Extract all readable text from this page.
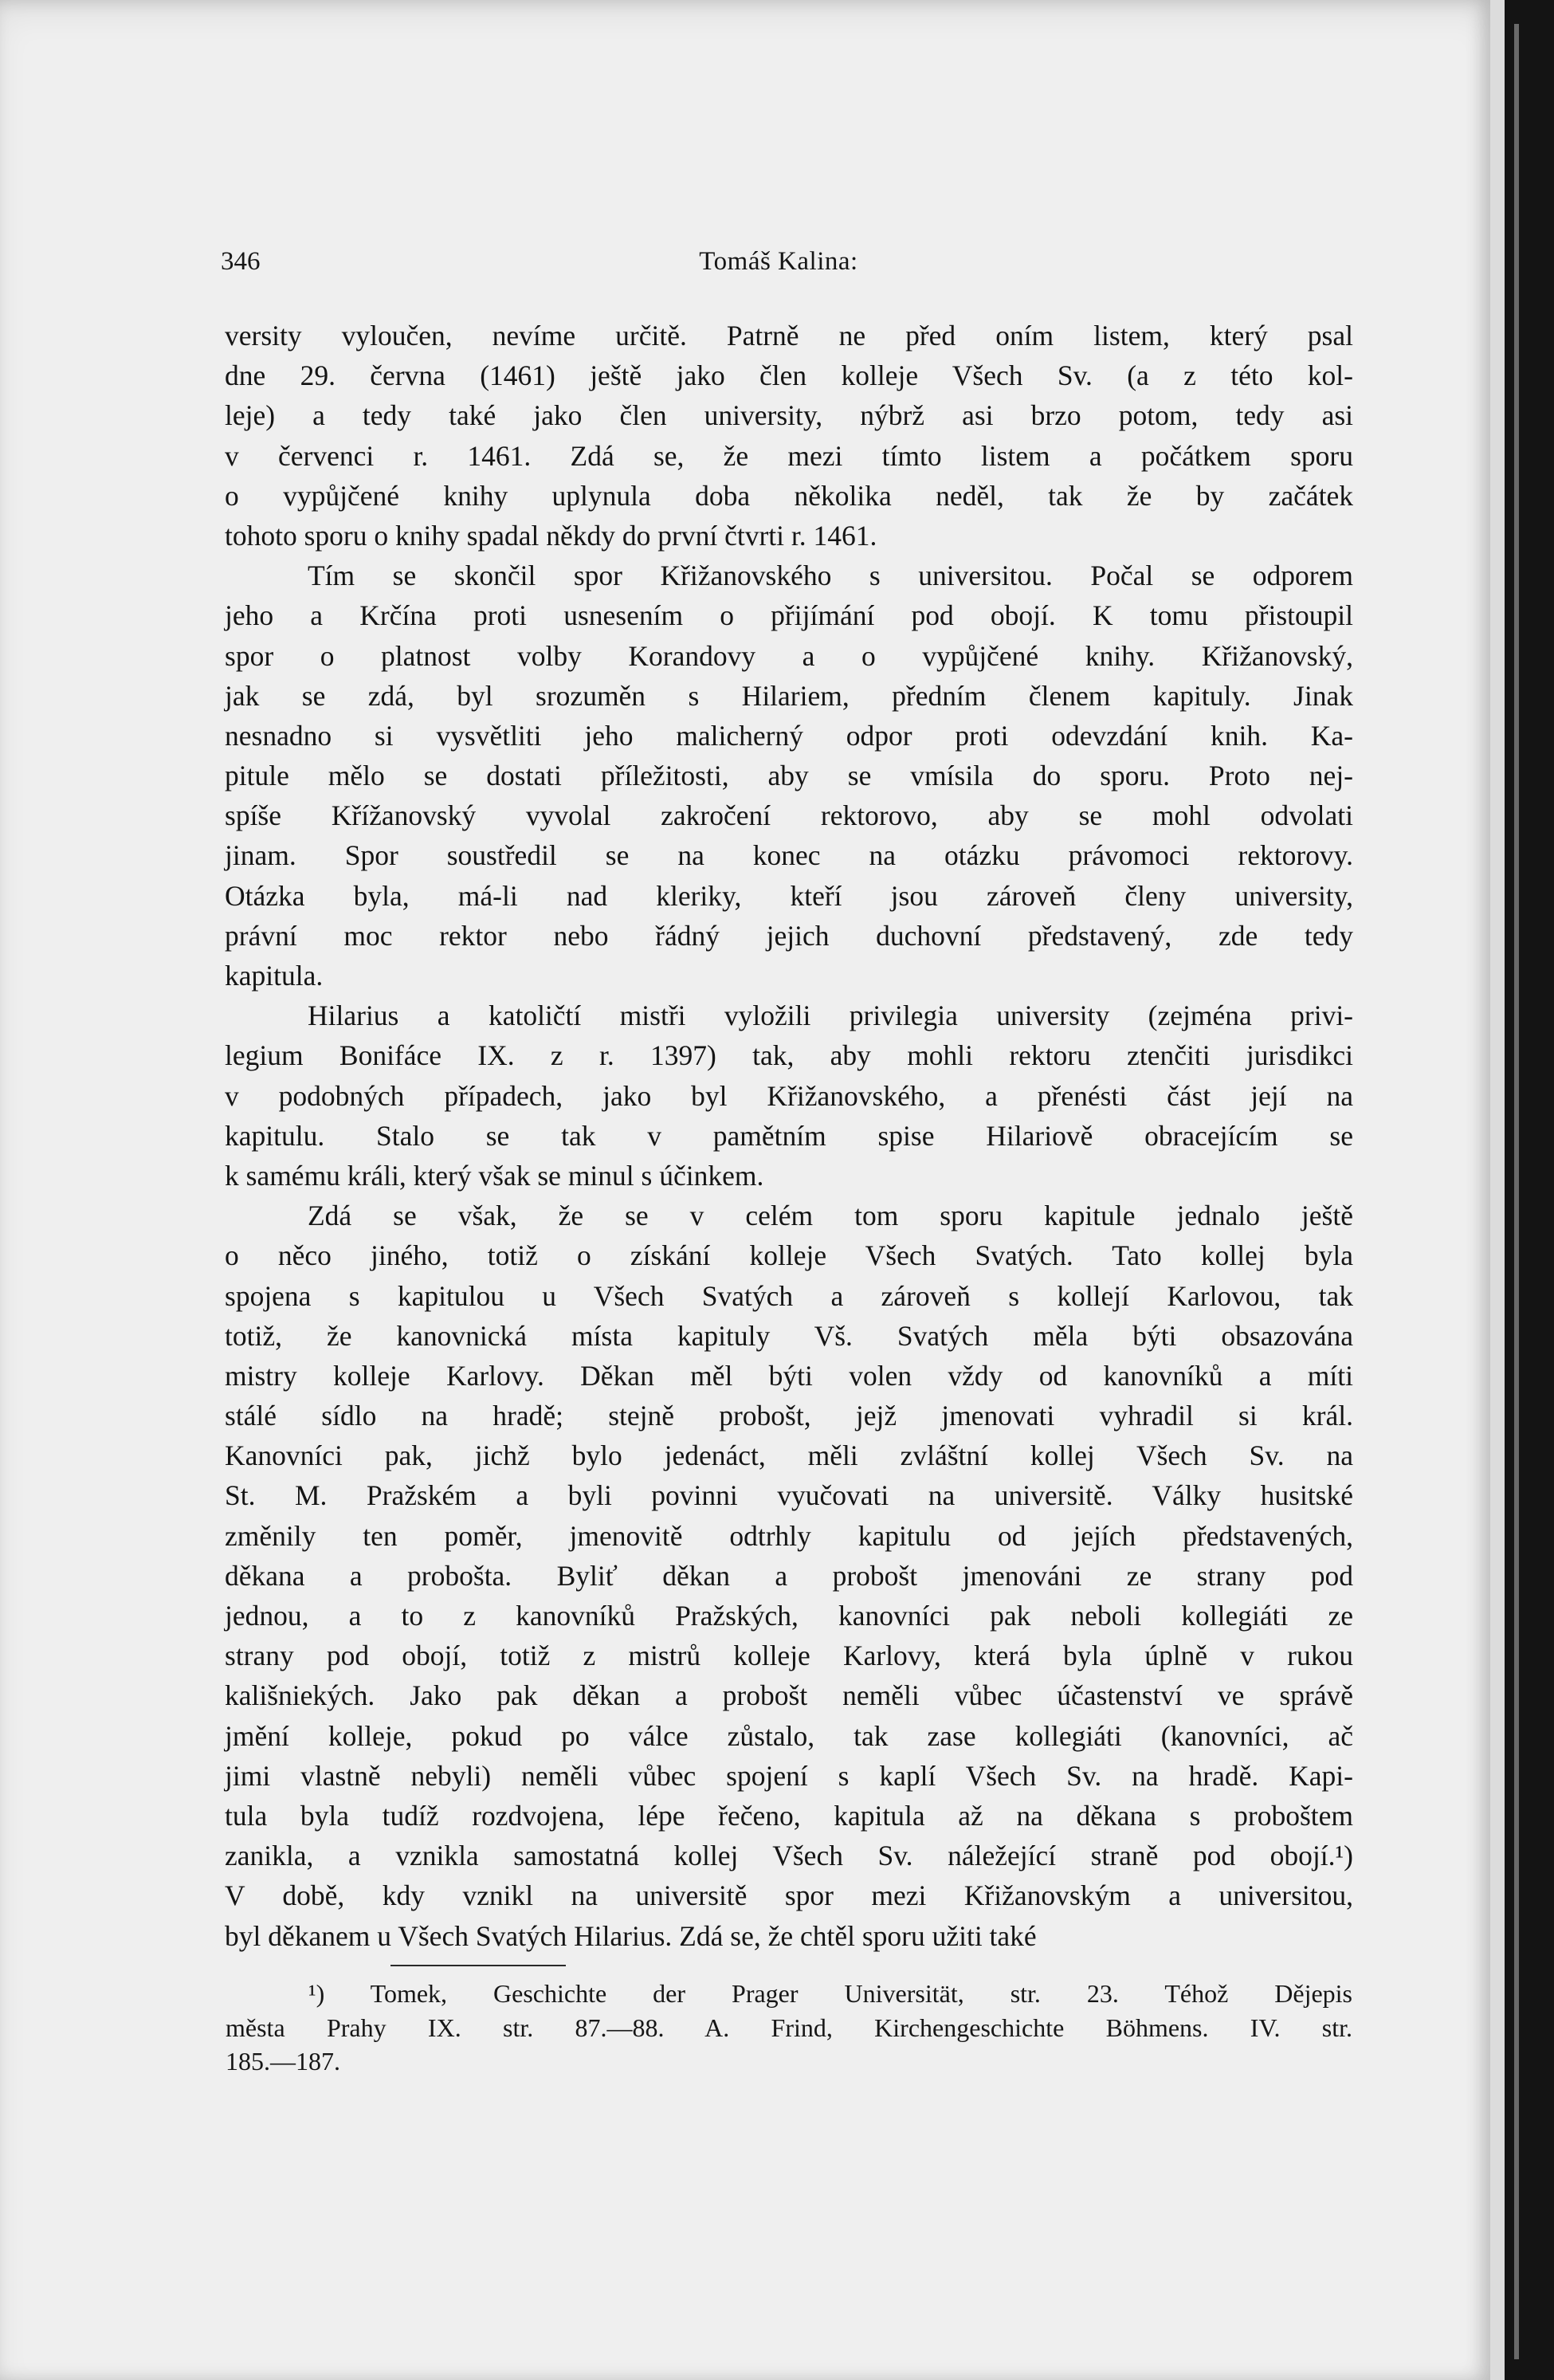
346	Tomáš Kalina:
versity vyloučen, nevíme určitě. Patrně ne před oním listem, který psal
dne 29. června (1461) ještě jako člen kolleje Všech Sv. (a z této kol-
leje) a tedy také jako člen university, nýbrž asi brzo potom, tedy asi
v červenci r. 1461. Zdá se, že mezi tímto listem a počátkem sporu
o vypůjčené knihy uplynula doba několika neděl, tak že by začátek
tohoto sporu o knihy spadal někdy do první čtvrti r. 1461.
Tím se skončil spor Křižanovského s universitou. Počal se odporem
jeho a Krčína proti usnesením o přijímání pod obojí. K tomu přistoupil
spor o platnost volby Korandovy a o vypůjčené knihy. Křižanovský,
jak se zdá, byl srozuměn s Hilariem, předním členem kapituly. Jinak
nesnadno si vysvětliti jeho malicherný odpor proti odevzdání knih. Ka-
pitule mělo se dostati příležitosti, aby se vmísila do sporu. Proto nej-
spíše Křížanovský vyvolal zakročení rektorovo, aby se mohl odvolati
jinam. Spor soustředil se na konec na otázku právomoci rektorovy.
Otázka byla, má-li nad kleriky, kteří jsou zároveň členy university,
právní moc rektor nebo řádný jejich duchovní představený, zde tedy
kapitula.
Hilarius a katoličtí mistři vyložili privilegia university (zejména privi-
legium Bonifáce IX. z r. 1397) tak, aby mohli rektoru ztenčiti jurisdikci
v podobných případech, jako byl Křižanovského, a přenésti část její na
kapitulu. Stalo se tak v pamětním spise Hilariově obracejícím se
k samému králi, který však se minul s účinkem.
Zdá se však, že se v celém tom sporu kapitule jednalo ještě
o něco jiného, totiž o získání kolleje Všech Svatých. Tato kollej byla
spojena s kapitulou u Všech Svatých a zároveň s kollejí Karlovou, tak
totiž, že kanovnická místa kapituly Vš. Svatých měla býti obsazována
mistry kolleje Karlovy. Děkan měl býti volen vždy od kanovníků a míti
stálé sídlo na hradě; stejně probošt, jejž jmenovati vyhradil si král.
Kanovníci pak, jichž bylo jedenáct, měli zvláštní kollej Všech Sv. na
St. M. Pražském a byli povinni vyučovati na universitě. Války husitské
změnily ten poměr, jmenovitě odtrhly kapitulu od jejích představených,
děkana a probošta. Byliť děkan a probošt jmenováni ze strany pod
jednou, a to z kanovníků Pražských, kanovníci pak neboli kollegiáti ze
strany pod obojí, totiž z mistrů kolleje Karlovy, která byla úplně v rukou
kališniekých. Jako pak děkan a probošt neměli vůbec účastenství ve správě
jmění kolleje, pokud po válce zůstalo, tak zase kollegiáti (kanovníci, ač
jimi vlastně nebyli) neměli vůbec spojení s kaplí Všech Sv. na hradě. Kapi-
tula byla tudíž rozdvojena, lépe řečeno, kapitula až na děkana s proboštem
zanikla, a vznikla samostatná kollej Všech Sv. náležející straně pod obojí.¹)
V době, kdy vznikl na universitě spor mezi Křižanovským a universitou,
byl děkanem u Všech Svatých Hilarius. Zdá se, že chtěl sporu užiti také
¹) Tomek, Geschichte der Prager Universität, str. 23. Téhož Dějepis
města Prahy IX. str. 87.—88. A. Frind, Kirchengeschichte Böhmens. IV. str.
185.—187.
